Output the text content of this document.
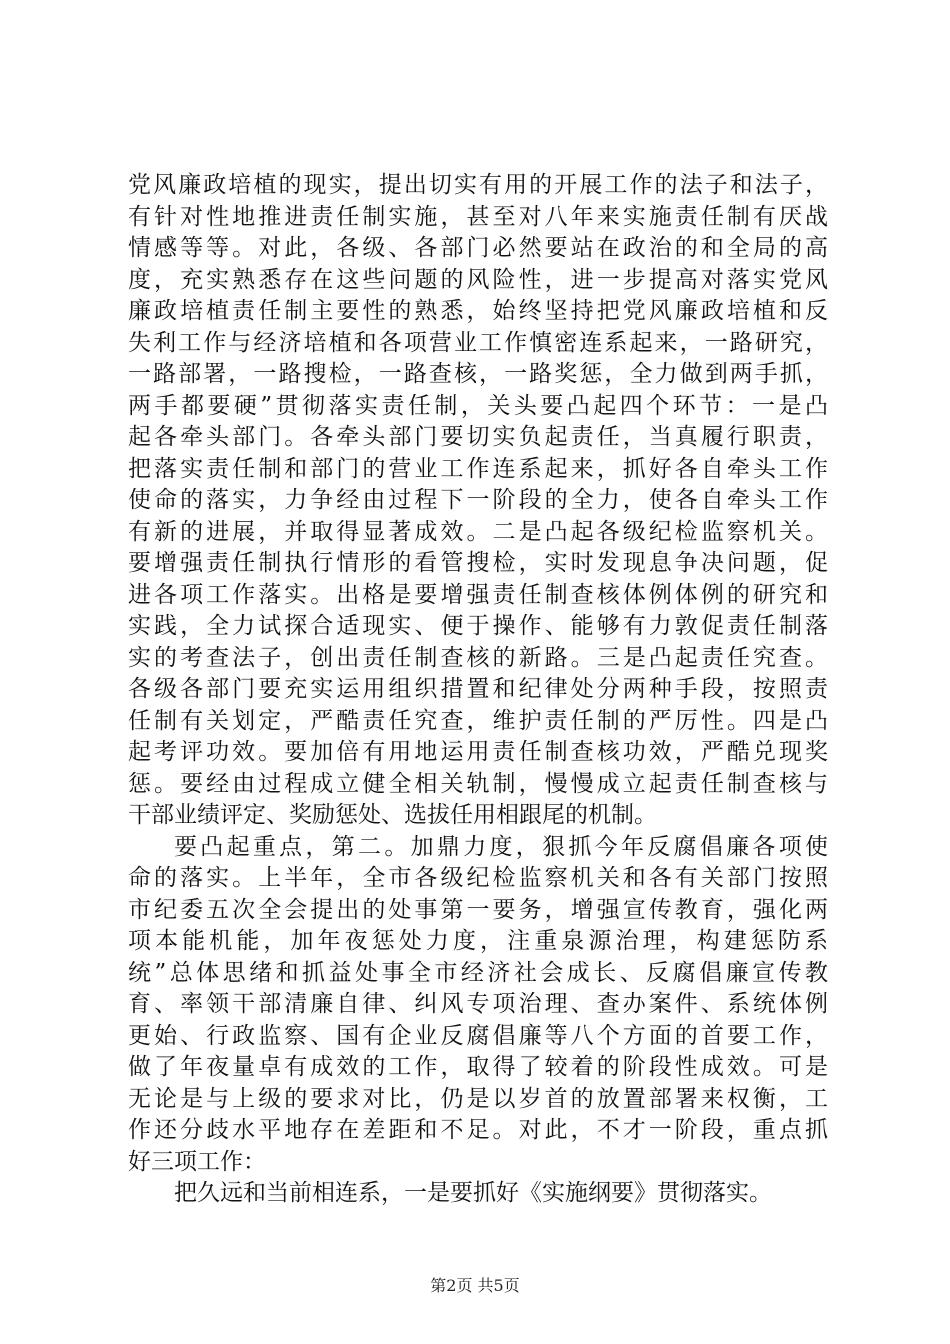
党风廉政培植的现实，提出切实有用的开展工作的法子和法子，
有针对性地推进责任制实施，甚至对八年来实施责任制有厌战
情感等等。对此，各级、各部门必然要站在政治的和全局的高
度，充实熟悉存在这些问题的风险性，进一步提高对落实党风
廉政培植责任制主要性的熟悉，始终坚持把党风廉政培植和反
失利工作与经济培植和各项营业工作慎密连系起来，一路研究，
一路部署，一路搜检，一路查核，一路奖惩，全力做到两手抓，
两手都要硬”贯彻落实责任制，关头要凸起四个环节：一是凸
起各牵头部门。各牵头部门要切实负起责任，当真履行职责，
把落实责任制和部门的营业工作连系起来，抓好各自牵头工作
使命的落实，力争经由过程下一阶段的全力，使各自牵头工作
有新的进展，并取得显著成效。二是凸起各级纪检监察机关。
要增强责任制执行情形的看管搜检，实时发现息争决问题，促
进各项工作落实。出格是要增强责任制查核体例体例的研究和
实践，全力试探合适现实、便于操作、能够有力敦促责任制落
实的考查法子，创出责任制查核的新路。三是凸起责任究查。
各级各部门要充实运用组织措置和纪律处分两种手段，按照责
任制有关划定，严酷责任究查，维护责任制的严厉性。四是凸
起考评功效。要加倍有用地运用责任制查核功效，严酷兑现奖
惩。要经由过程成立健全相关轨制，慢慢成立起责任制查核与
干部业绩评定、奖励惩处、选拔任用相跟尾的机制。
要凸起重点，第二。加鼎力度，狠抓今年反腐倡廉各项使
命的落实。上半年，全市各级纪检监察机关和各有关部门按照
市纪委五次全会提出的处事第一要务，增强宣传教育，强化两
项本能机能，加年夜惩处力度，注重泉源治理，构建惩防系
统”总体思绪和抓益处事全市经济社会成长、反腐倡廉宣传教
育、率领干部清廉自律、纠风专项治理、查办案件、系统体例
更始、行政监察、国有企业反腐倡廉等八个方面的首要工作，
做了年夜量卓有成效的工作，取得了较着的阶段性成效。可是
无论是与上级的要求对比，仍是以岁首的放置部署来权衡，工
作还分歧水平地存在差距和不足。对此，不才一阶段，重点抓
好三项工作：
把久远和当前相连系，一是要抓好《实施纲要》贯彻落实。
第2页 共5页
